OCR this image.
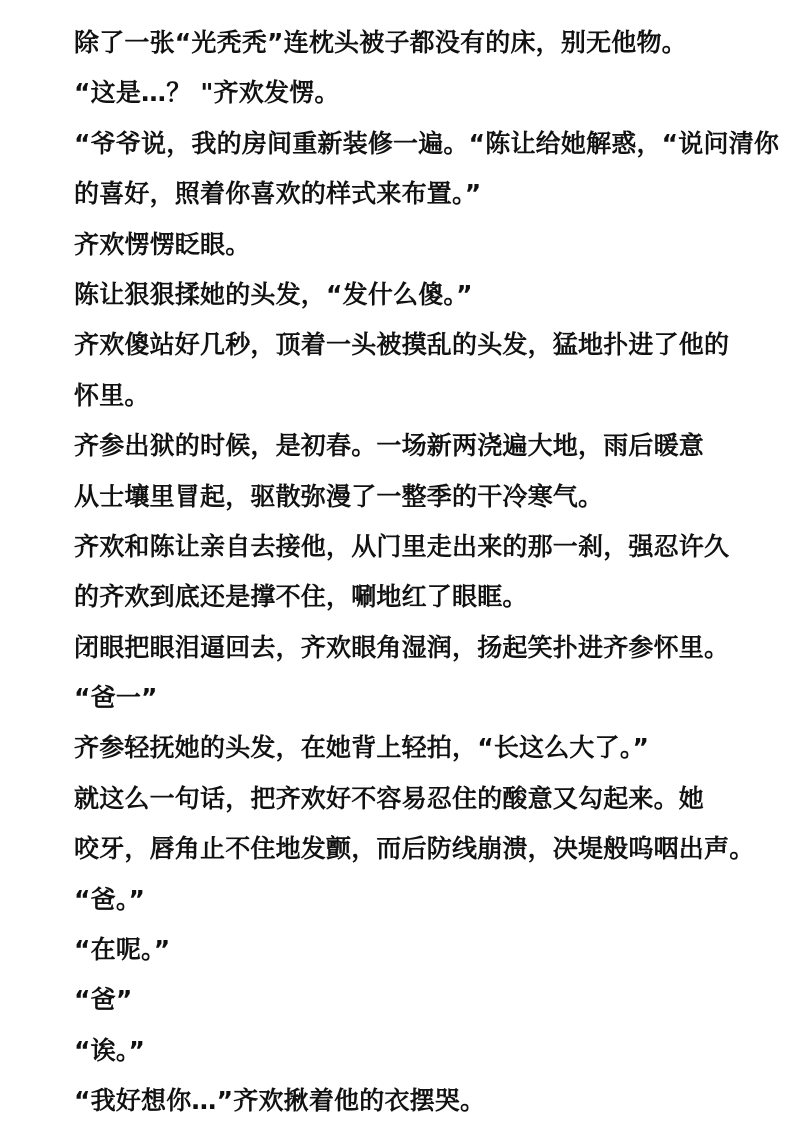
除了一张“光秃秃”连枕头被子都没有的床，别无他物。
“这是…？ "齐欢发愣。
“爷爷说，我的房间重新装修一遍。“陈让给她解惑，“说问清你
的喜好，照着你喜欢的样式来布置。”
齐欢愣愣眨眼。
陈让狠狠揉她的头发，“发什么傻。”
齐欢傻站好几秒，顶着一头被摸乱的头发，猛地扑进了他的
怀里。
齐参出狱的时候，是初春。一场新两浇遍大地，雨后暖意
从士壤里冒起，驱散弥漫了一整季的干冷寒气。
齐欢和陈让亲自去接他，从门里走出来的那一刹，强忍许久
的齐欢到底还是撑不住，唰地红了眼眶。
闭眼把眼泪逼回去，齐欢眼角湿润，扬起笑扑进齐参怀里。
“爸一”
齐参轻抚她的头发，在她背上轻拍，“长这么大了。”
就这么一句话，把齐欢好不容易忍住的酸意又勾起来。她
咬牙，唇角止不住地发颤，而后防线崩溃，决堤般呜咽出声。
“爸。”
“在呢。”
“爸”
“诶。”
“我好想你…”齐欢揪着他的衣摆哭。
